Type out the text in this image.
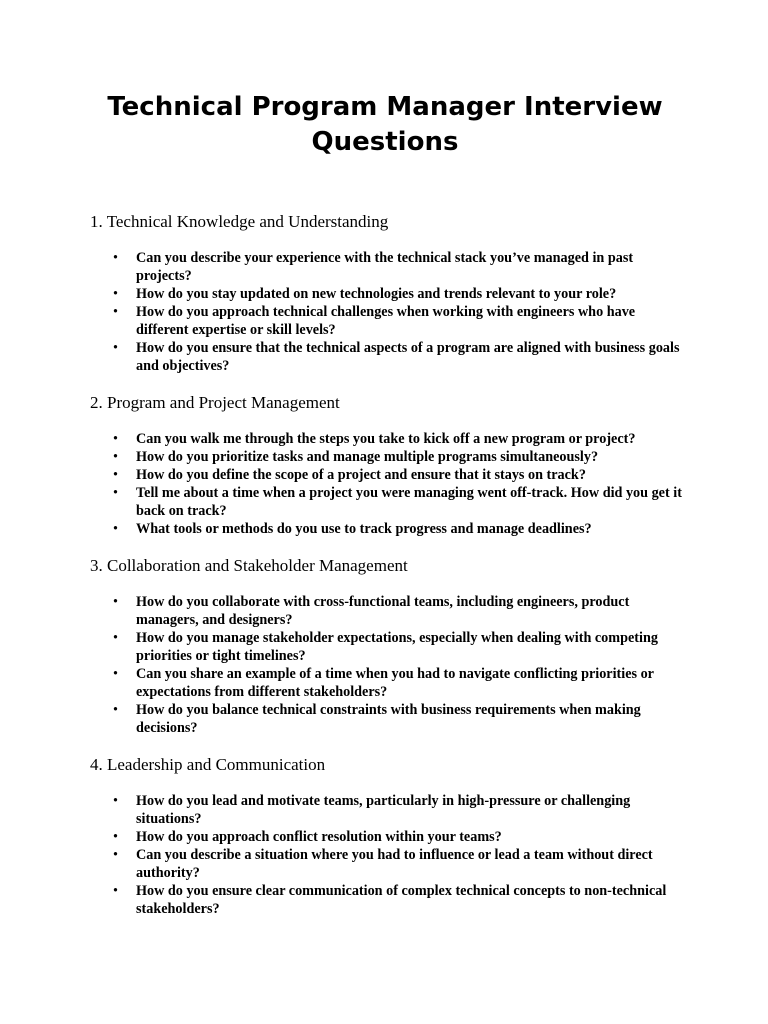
Technical Program Manager Interview Questions
1. Technical Knowledge and Understanding
• Can you describe your experience with the technical stack you’ve managed in past projects?
• How do you stay updated on new technologies and trends relevant to your role?
• How do you approach technical challenges when working with engineers who have different expertise or skill levels?
• How do you ensure that the technical aspects of a program are aligned with business goals and objectives?
2. Program and Project Management
• Can you walk me through the steps you take to kick off a new program or project?
• How do you prioritize tasks and manage multiple programs simultaneously?
• How do you define the scope of a project and ensure that it stays on track?
• Tell me about a time when a project you were managing went off-track. How did you get it back on track?
• What tools or methods do you use to track progress and manage deadlines?
3. Collaboration and Stakeholder Management
• How do you collaborate with cross-functional teams, including engineers, product managers, and designers?
• How do you manage stakeholder expectations, especially when dealing with competing priorities or tight timelines?
• Can you share an example of a time when you had to navigate conflicting priorities or expectations from different stakeholders?
• How do you balance technical constraints with business requirements when making decisions?
4. Leadership and Communication
• How do you lead and motivate teams, particularly in high-pressure or challenging situations?
• How do you approach conflict resolution within your teams?
• Can you describe a situation where you had to influence or lead a team without direct authority?
• How do you ensure clear communication of complex technical concepts to non-technical stakeholders?
